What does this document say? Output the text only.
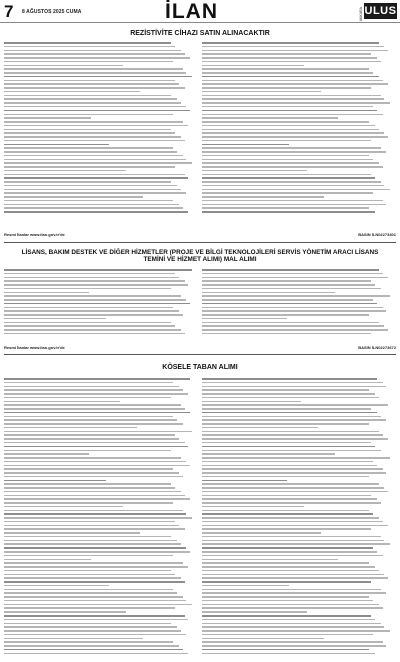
7 8 AĞUSTOS 2025 CUMA	İLAN	ANKARA ULUS
REZİSTİVİTE CİHAZI SATIN ALINACAKTIR
Resmi İlanlar www.ilan.gov.tr'de	BASIN İLN02273401
LİSANS, BAKIM DESTEK VE DİĞER HİZMETLER (PROJE VE BİLGİ TEKNOLOJİLERİ SERVİS YÖNETİM ARACI LİSANS TEMİNİ VE HİZMET ALIMI) MAL ALIMI
Resmi İlanlar www.ilan.gov.tr'de	BASIN İLN02273672
KÖSELE TABAN ALIMI
